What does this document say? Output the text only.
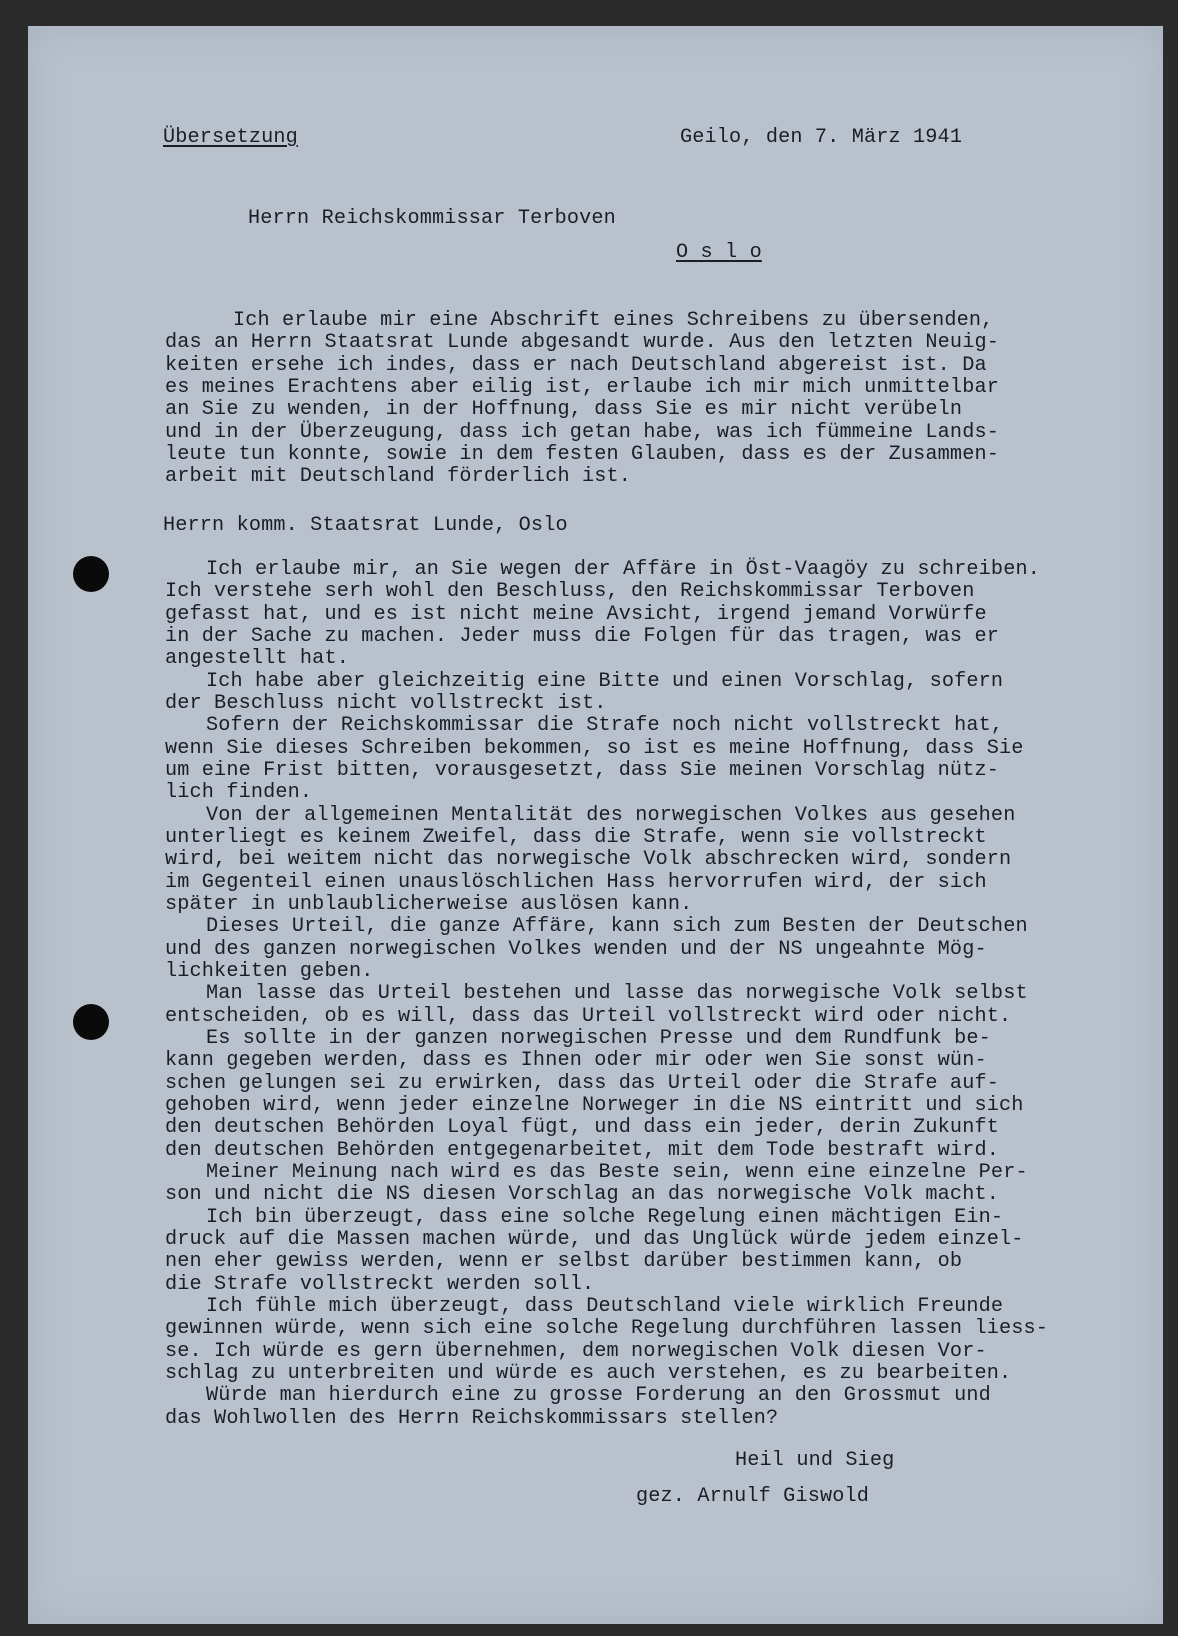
Übersetzung	Geilo, den 7. März 1941
Herrn Reichskommissar Terboven
O s l o
Ich erlaube mir eine Abschrift eines Schreibens zu übersenden,
das an Herrn Staatsrat Lunde abgesandt wurde. Aus den letzten Neuig-
keiten ersehe ich indes, dass er nach Deutschland abgereist ist. Da
es meines Erachtens aber eilig ist, erlaube ich mir mich unmittelbar
an Sie zu wenden, in der Hoffnung, dass Sie es mir nicht verübeln
und in der Überzeugung, dass ich getan habe, was ich fümmeine Lands-
leute tun konnte, sowie in dem festen Glauben, dass es der Zusammen-
arbeit mit Deutschland förderlich ist.
Herrn komm. Staatsrat Lunde, Oslo
Ich erlaube mir, an Sie wegen der Affäre in Öst-Vaagöy zu schreiben.
Ich verstehe serh wohl den Beschluss, den Reichskommissar Terboven
gefasst hat, und es ist nicht meine Avsicht, irgend jemand Vorwürfe
in der Sache zu machen. Jeder muss die Folgen für das tragen, was er
angestellt hat.
Ich habe aber gleichzeitig eine Bitte und einen Vorschlag, sofern
der Beschluss nicht vollstreckt ist.
Sofern der Reichskommissar die Strafe noch nicht vollstreckt hat,
wenn Sie dieses Schreiben bekommen, so ist es meine Hoffnung, dass Sie
um eine Frist bitten, vorausgesetzt, dass Sie meinen Vorschlag nütz-
lich finden.
Von der allgemeinen Mentalität des norwegischen Volkes aus gesehen
unterliegt es keinem Zweifel, dass die Strafe, wenn sie vollstreckt
wird, bei weitem nicht das norwegische Volk abschrecken wird, sondern
im Gegenteil einen unauslöschlichen Hass hervorrufen wird, der sich
später in unblaublicherweise auslösen kann.
Dieses Urteil, die ganze Affäre, kann sich zum Besten der Deutschen
und des ganzen norwegischen Volkes wenden und der NS ungeahnte Mög-
lichkeiten geben.
Man lasse das Urteil bestehen und lasse das norwegische Volk selbst
entscheiden, ob es will, dass das Urteil vollstreckt wird oder nicht.
Es sollte in der ganzen norwegischen Presse und dem Rundfunk be-
kann gegeben werden, dass es Ihnen oder mir oder wen Sie sonst wün-
schen gelungen sei zu erwirken, dass das Urteil oder die Strafe auf-
gehoben wird, wenn jeder einzelne Norweger in die NS eintritt und sich
den deutschen Behörden Loyal fügt, und dass ein jeder, derin Zukunft
den deutschen Behörden entgegenarbeitet, mit dem Tode bestraft wird.
Meiner Meinung nach wird es das Beste sein, wenn eine einzelne Per-
son und nicht die NS diesen Vorschlag an das norwegische Volk macht.
Ich bin überzeugt, dass eine solche Regelung einen mächtigen Ein-
druck auf die Massen machen würde, und das Unglück würde jedem einzel-
nen eher gewiss werden, wenn er selbst darüber bestimmen kann, ob
die Strafe vollstreckt werden soll.
Ich fühle mich überzeugt, dass Deutschland viele wirklich Freunde
gewinnen würde, wenn sich eine solche Regelung durchführen lassen liess-
se. Ich würde es gern übernehmen, dem norwegischen Volk diesen Vor-
schlag zu unterbreiten und würde es auch verstehen, es zu bearbeiten.
Würde man hierdurch eine zu grosse Forderung an den Grossmut und
das Wohlwollen des Herrn Reichskommissars stellen?
Heil und Sieg
gez. Arnulf Giswold
